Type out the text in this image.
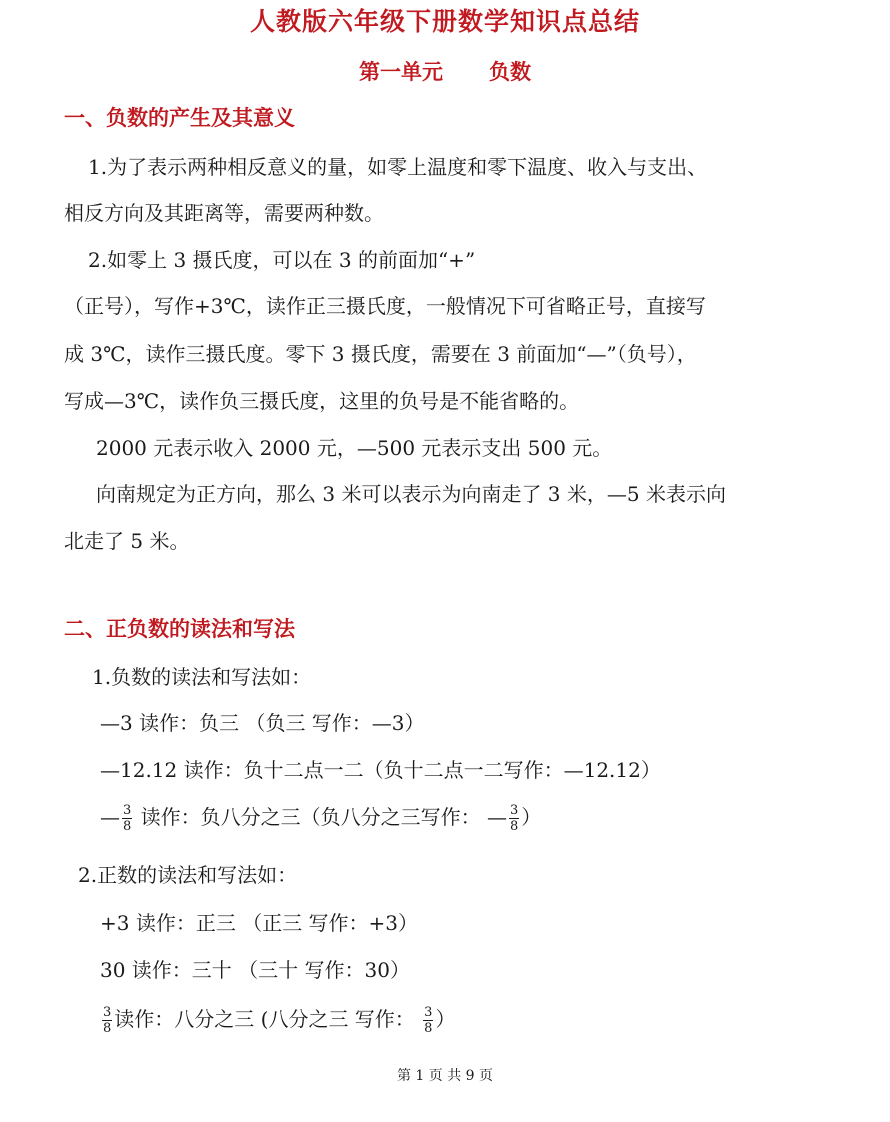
人教版六年级下册数学知识点总结
第一单元 负数
一、负数的产生及其意义
1.为了表示两种相反意义的量，如零上温度和零下温度、收入与支出、
相反方向及其距离等，需要两种数。
2.如零上 3 摄氏度，可以在 3 的前面加“+”
（正号），写作+3℃，读作正三摄氏度，一般情况下可省略正号，直接写
成 3℃，读作三摄氏度。零下 3 摄氏度，需要在 3 前面加“—”（负号），
写成—3℃，读作负三摄氏度，这里的负号是不能省略的。
2000 元表示收入 2000 元，—500 元表示支出 500 元。
向南规定为正方向，那么 3 米可以表示为向南走了 3 米，—5 米表示向
北走了 5 米。
二、正负数的读法和写法
1.负数的读法和写法如：
—3 读作：负三 （负三 写作：—3）
—12.12 读作：负十二点一二（负十二点一二写作：—12.12）
— $\frac{3}{8}$ 读作：负八分之三（负八分之三写作： — $\frac{3}{8}$ ）
2.正数的读法和写法如：
+3 读作：正三 （正三 写作：+3）
30 读作：三十 （三十 写作：30）
$\frac{3}{8}$ 读作：八分之三 (八分之三 写作： $\frac{3}{8}$ ）
第 1 页 共 9 页
